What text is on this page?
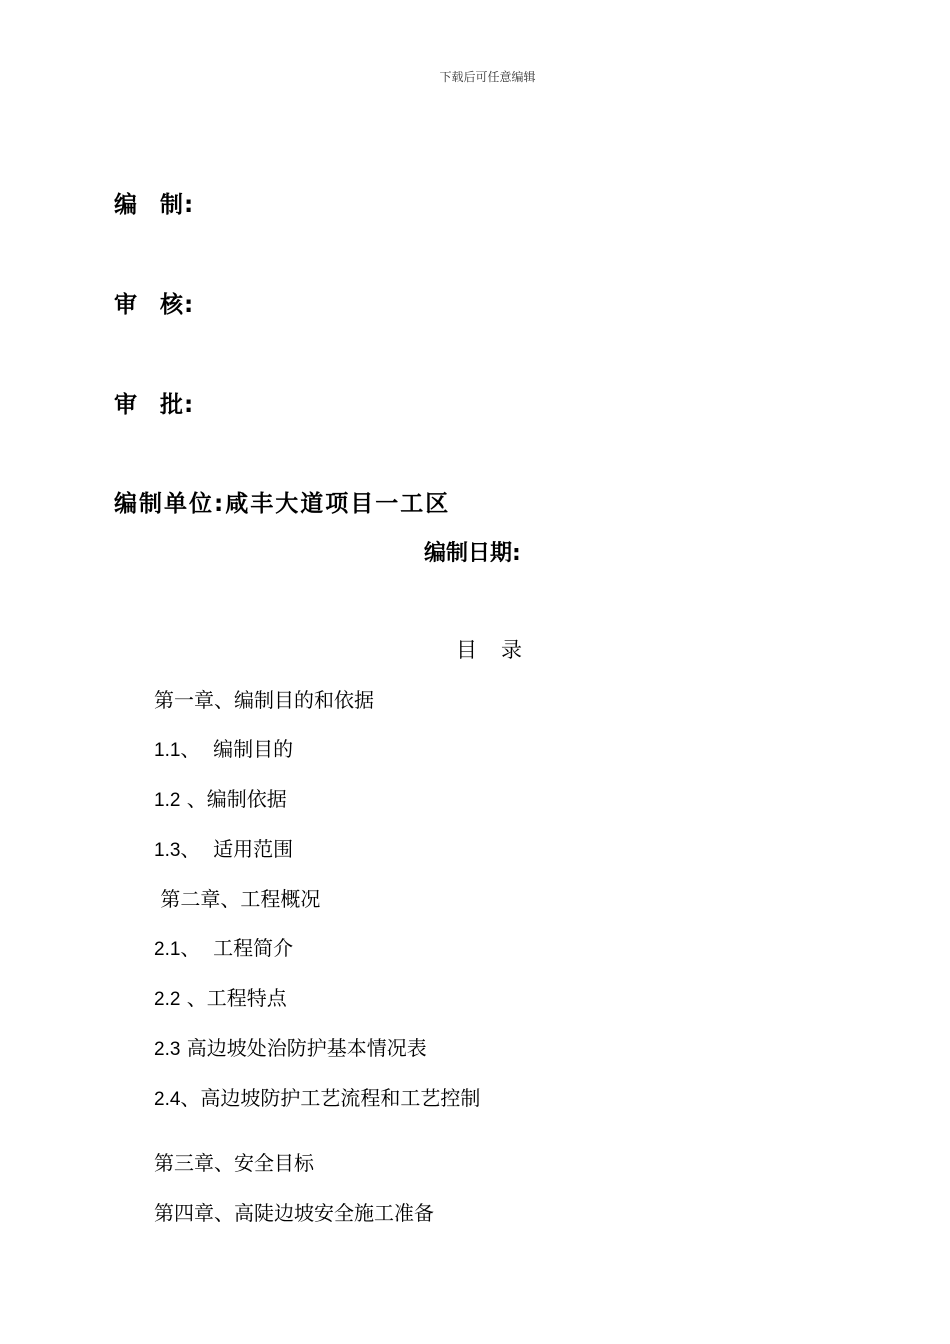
下载后可任意编辑
编 制:
审 核:
审 批:
编制单位:咸丰大道项目一工区
编制日期:
目 录
第一章、编制目的和依据
1.1、  编制目的
1.2 、编制依据
1.3、  适用范围
第二章、工程概况
2.1、  工程简介
2.2 、工程特点
2.3 高边坡处治防护基本情况表
2.4、高边坡防护工艺流程和工艺控制
第三章、安全目标
第四章、高陡边坡安全施工准备
